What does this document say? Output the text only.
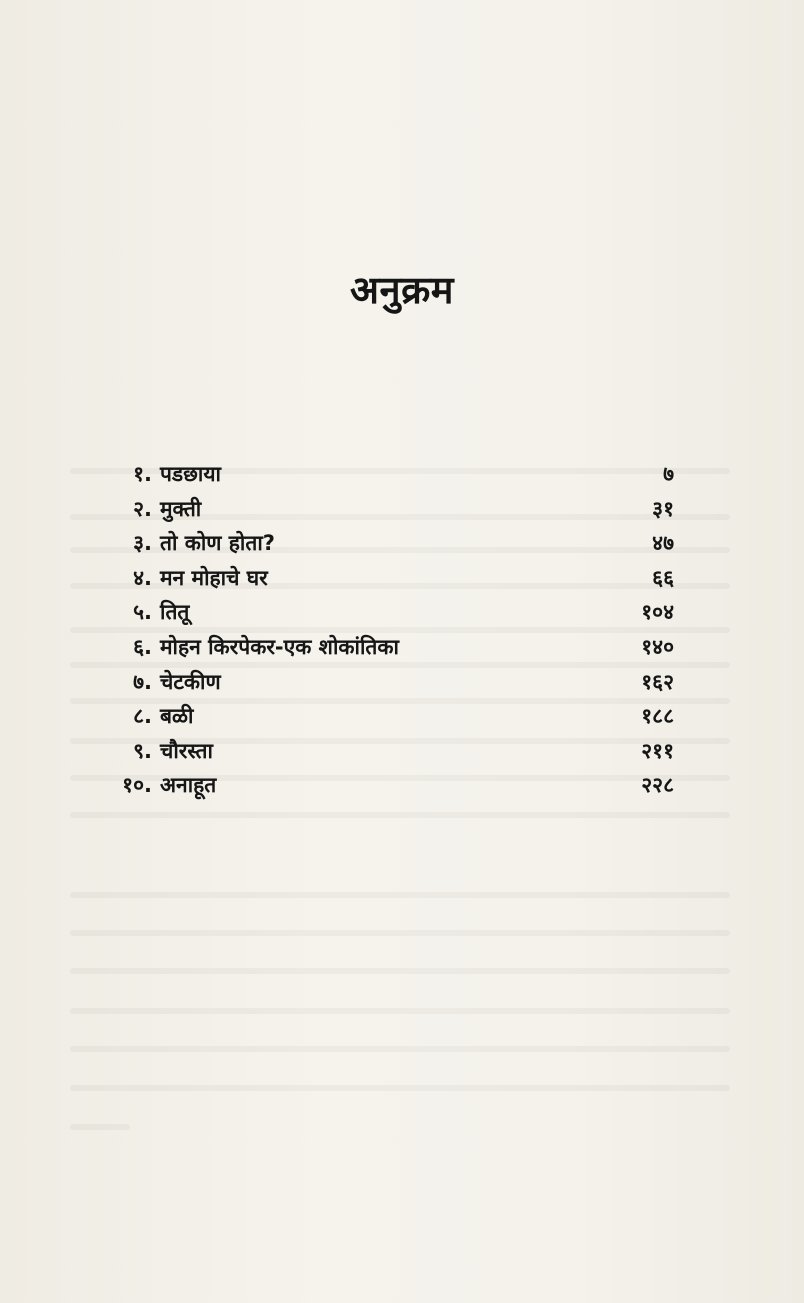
अनुक्रम
१. पडछाया	७
२. मुक्ती	३१
३. तो कोण होता?	४७
४. मन मोहाचे घर	६६
५. तितू	१०४
६. मोहन किरपेकर-एक शोकांतिका	१४०
७. चेटकीण	१६२
८. बळी	१८८
९. चौरस्ता	२११
१०. अनाहूत	२२८
